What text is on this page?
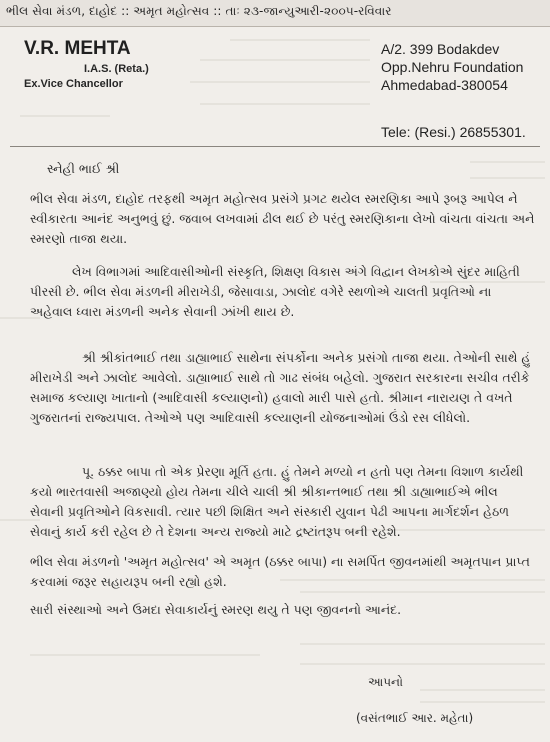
ભીલ સેવા મંડળ, દાહોદ :: અમૃત મહોત્સવ :: તાઃ ૨૩-જાન્યુઆરી-૨૦૦૫-રવિવાર
V.R. MEHTA
I.A.S. (Reta.)
Ex.Vice Chancellor
A/2. 399 Bodakdev
Opp.Nehru Foundation
Ahmedabad-380054
Tele: (Resi.) 26855301.
સ્નેહી ભાઈ શ્રી
ભીલ સેવા મંડળ, દાહોદ તરફથી અમૃત મહોત્સવ પ્રસંગે પ્રગટ થયેલ સ્મરણિકા આપે રૂબરૂ આપેલ ને સ્વીકારતા આનંદ અનુભવું છું. જવાબ લખવામાં ઢીલ થઈ છે પરંતુ સ્મરણિકાના લેખો વાંચતા વાંચતા અને સ્મરણો તાજા થયા.
લેખ વિભાગમાં આદિવાસીઓની સંસ્કૃતિ, શિક્ષણ વિકાસ અંગે વિદ્વાન લેખકોએ સુંદર માહિતી પીરસી છે. ભીલ સેવા મંડળની મીરાખેડી, જેસાવાડા, ઝાલોદ વગેરે સ્થળોએ ચાલતી પ્રવૃતિઓ ના અહેવાલ ધ્વારા મંડળની અનેક સેવાની ઝાંખી થાય છે.
શ્રી શ્રીકાંતભાઈ તથા ડાહ્યાભાઈ સાથેના સંપર્કોના અનેક પ્રસંગો તાજા થયા. તેઓની સાથે હું મીરાખેડી અને ઝાલોદ આવેલો. ડાહ્યાભાઈ સાથે તો ગાઢ સંબંધ બહેલો. ગુજરાત સરકારના સચીવ તરીકે સમાજ કલ્યાણ ખાતાનો (આદિવાસી કલ્યાણનો) હવાલો મારી પાસે હતો. શ્રીમાન નારાયણ તે વખતે ગુજરાતનાં રાજ્યપાલ. તેઓએ પણ આદિવાસી કલ્યાણની યોજનાઓમાં ઉંડો રસ લીધેલો.
પૂ. ઠક્કર બાપા તો એક પ્રેરણા મૂર્તિ હતા. હું તેમને મળ્યો ન હતો પણ તેમના વિશાળ કાર્યથી કયો ભારતવાસી અજાણ્યો હોય તેમના ચીલે ચાલી શ્રી શ્રીકાન્તભાઈ તથા શ્રી ડાહ્યાભાઈએ ભીલ સેવાની પ્રવૃતિઓને વિકસાવી. ત્યાર પછી શિક્ષિત અને સંસ્કારી યુવાન પેઢી આપના માર્ગદર્શન હેઠળ સેવાનું કાર્ય કરી રહેલ છે તે દેશના અન્ય રાજ્યો માટે દ્રષ્ટાંતરૂપ બની રહેશે.
ભીલ સેવા મંડળનો 'અમૃત મહોત્સવ' એ અમૃત (ઠક્કર બાપા) ના સમર્પિત જીવનમાંથી અમૃતપાન પ્રાપ્ત કરવામાં જરૂર સહાયરૂપ બની રહ્યો હશે.
સારી સંસ્થાઓ અને ઉમદા સેવાકાર્યનું સ્મરણ થયુ તે પણ જીવનનો આનંદ.
આપનો
(વસંતભાઈ આર. મહેતા)
